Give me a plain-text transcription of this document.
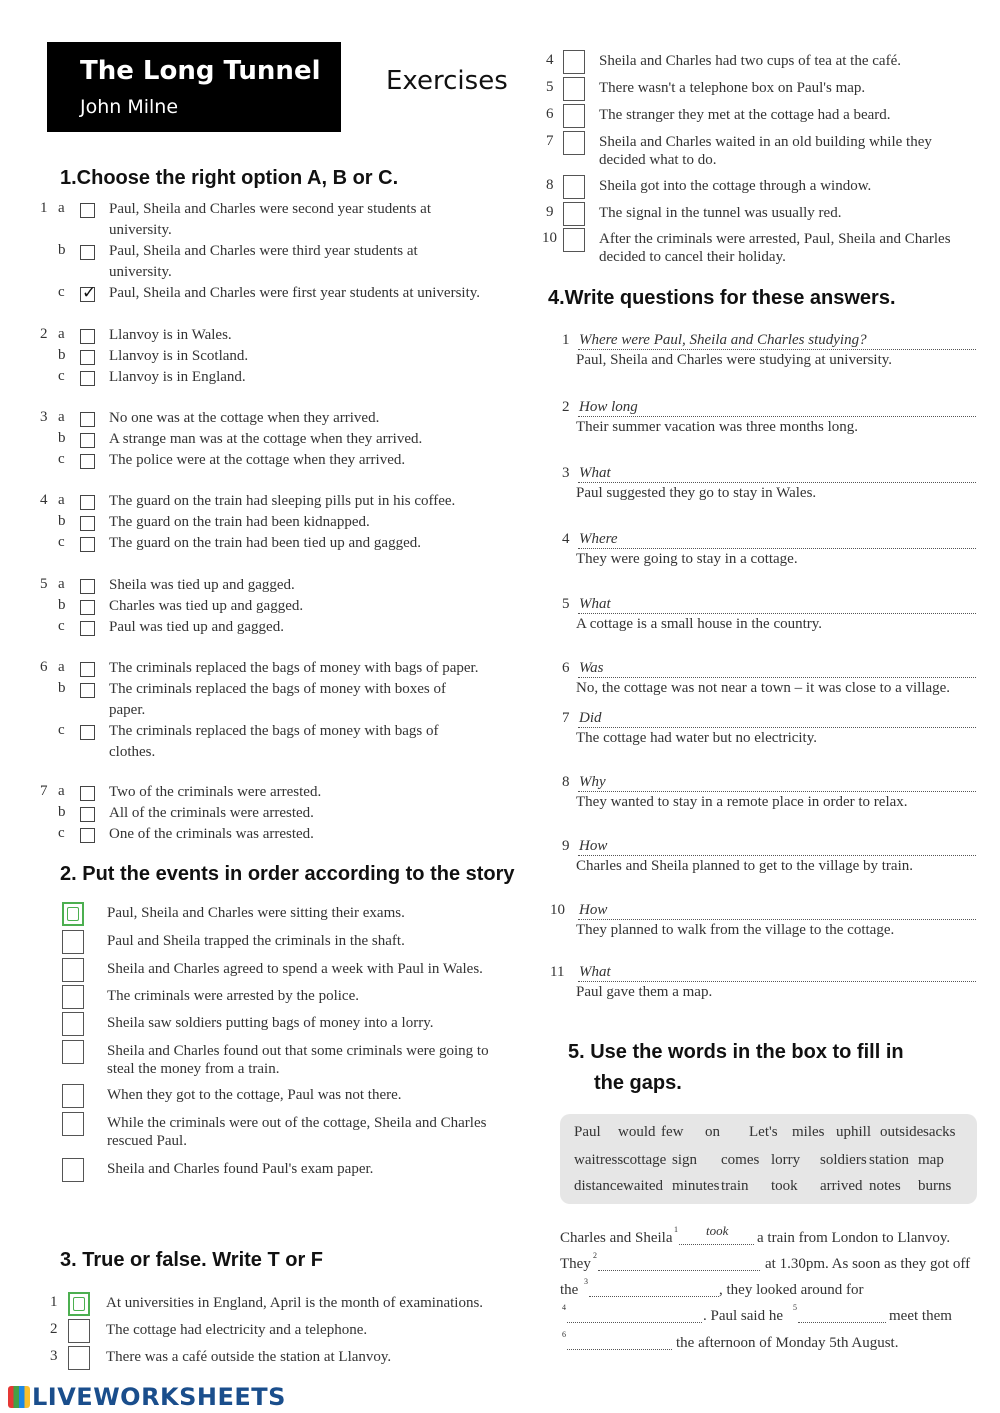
The Long Tunnel
John Milne
Exercises
1.Choose the right option A, B or C.
1 a	Paul, Sheila and Charles were second year students at
university.
b	Paul, Sheila and Charles were third year students at
university.
c
✓	Paul, Sheila and Charles were first year students at university.
2 a	Llanvoy is in Wales.
b	Llanvoy is in Scotland.
c	Llanvoy is in England.
3 a	No one was at the cottage when they arrived.
b	A strange man was at the cottage when they arrived.
c	The police were at the cottage when they arrived.
4 a	The guard on the train had sleeping pills put in his coffee.
b	The guard on the train had been kidnapped.
c	The guard on the train had been tied up and gagged.
5 a	Sheila was tied up and gagged.
b	Charles was tied up and gagged.
c	Paul was tied up and gagged.
6 a	The criminals replaced the bags of money with bags of paper.
b	The criminals replaced the bags of money with boxes of
paper.
c	The criminals replaced the bags of money with bags of
clothes.
7 a	Two of the criminals were arrested.
b	All of the criminals were arrested.
c	One of the criminals was arrested.
2. Put the events in order according to the story
Paul, Sheila and Charles were sitting their exams.
Paul and Sheila trapped the criminals in the shaft.
Sheila and Charles agreed to spend a week with Paul in Wales.
The criminals were arrested by the police.
Sheila saw soldiers putting bags of money into a lorry.
Sheila and Charles found out that some criminals were going to
steal the money from a train.
When they got to the cottage, Paul was not there.
While the criminals were out of the cottage, Sheila and Charles
rescued Paul.
Sheila and Charles found Paul's exam paper.
3. True or false. Write T or F
1	At universities in England, April is the month of examinations.
2	The cottage had electricity and a telephone.
3	There was a café outside the station at Llanvoy.
4	Sheila and Charles had two cups of tea at the café.
5	There wasn't a telephone box on Paul's map.
6	The stranger they met at the cottage had a beard.
7	Sheila and Charles waited in an old building while they
decided what to do.
8	Sheila got into the cottage through a window.
9	The signal in the tunnel was usually red.
10	After the criminals were arrested, Paul, Sheila and Charles
decided to cancel their holiday.
4.Write questions for these answers.
1 Where were Paul, Sheila and Charles studying?
Paul, Sheila and Charles were studying at university.
2 How long
Their summer vacation was three months long.
3 What
Paul suggested they go to stay in Wales.
4 Where
They were going to stay in a cottage.
5 What
A cottage is a small house in the country.
6 Was
No, the cottage was not near a town – it was close to a village.
7 Did
The cottage had water but no electricity.
8 Why
They wanted to stay in a remote place in order to relax.
9 How
Charles and Sheila planned to get to the village by train.
10 How
They planned to walk from the village to the cottage.
11 What
Paul gave them a map.
5. Use the words in the box to fill in
the gaps.
Paul would few on Let's miles uphill outside sacks
waitress cottage sign comes lorry soldiers station map
distance waited minutes train took arrived notes burns
Charles and Sheila
1 took a train from London to Llanvoy.
They
2
at 1.30pm. As soon as they got off
the
3
, they looked around for
4
. Paul said he
5
meet them
6
the afternoon of Monday 5th August.
LIVEWORKSHEETS
